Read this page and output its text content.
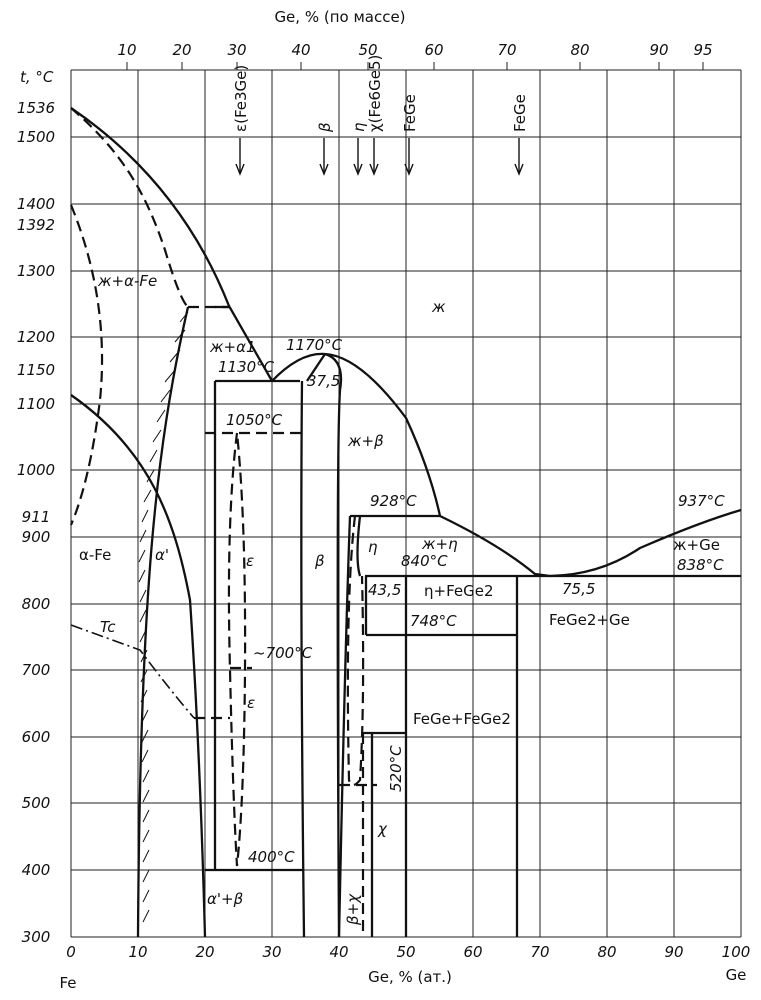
Ge, % (по массе)
t, °C
Ge, % (ат.)
Fe	Ge
1536
1500
1400
1392
1300
1200
1150
1100
1000
911
900
800
700
600
500
400
300
0	10	20	30	40	50	60	70	80	90	100
10 20 30	40	50	60	70	80	90 95
ε(Fe3Ge)	β η
χ(Fe6Ge5) FeGe	FeGe
ж
ж+α-Fe
ж+α1
ж+β
ж+η	ж+Ge
α-Fe	α'	ε
ε
β
η
χ
α'+β	β+χ
η+FeGe2
FeGe+FeGe2
FeGe2+Ge
Tc
1130°C
1170°C
1050°C
928°C
840°C
937°C
838°C
748°C
~700°C
520°C
400°C
37,5
43,5	75,5
